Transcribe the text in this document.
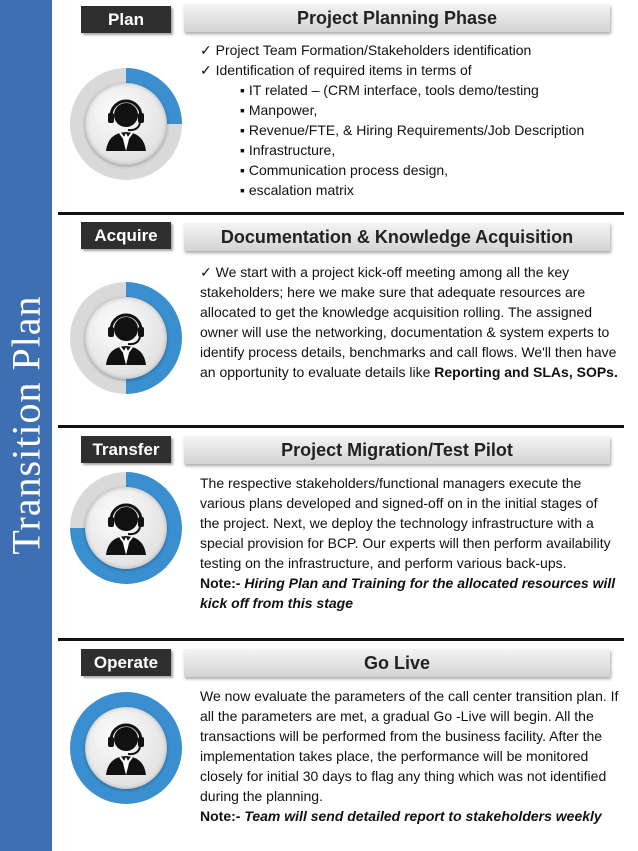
Transition Plan
Plan	Project Planning Phase

✓ Project Team Formation/Stakeholders identification

✓ Identification of required items in terms of

▪ IT related – (CRM interface, tools demo/testing

▪ Manpower,

▪ Revenue/FTE, & Hiring Requirements/Job Description

▪ Infrastructure,

▪ Communication process design,

▪ escalation matrix

Acquire	Documentation & Knowledge Acquisition

✓ We start with a project kick-off meeting among all the key stakeholders; here we make sure that adequate resources are allocated to get the knowledge acquisition rolling. The assigned owner will use the networking, documentation & system experts to identify process details, benchmarks and call flows. We'll then have an opportunity to evaluate details like Reporting and SLAs, SOPs.

Transfer	Project Migration/Test Pilot

The respective stakeholders/functional managers execute the various plans developed and signed-off on in the initial stages of the project. Next, we deploy the technology infrastructure with a special provision for BCP. Our experts will then perform availability testing on the infrastructure, and perform various back-ups.

Note:- Hiring Plan and Training for the allocated resources will kick off from this stage

Operate	Go Live

We now evaluate the parameters of the call center transition plan. If all the parameters are met, a gradual Go -Live will begin. All the transactions will be performed from the business facility. After the implementation takes place, the performance will be monitored closely for initial 30 days to flag any thing which was not identified during the planning.

Note:- Team will send detailed report to stakeholders weekly
